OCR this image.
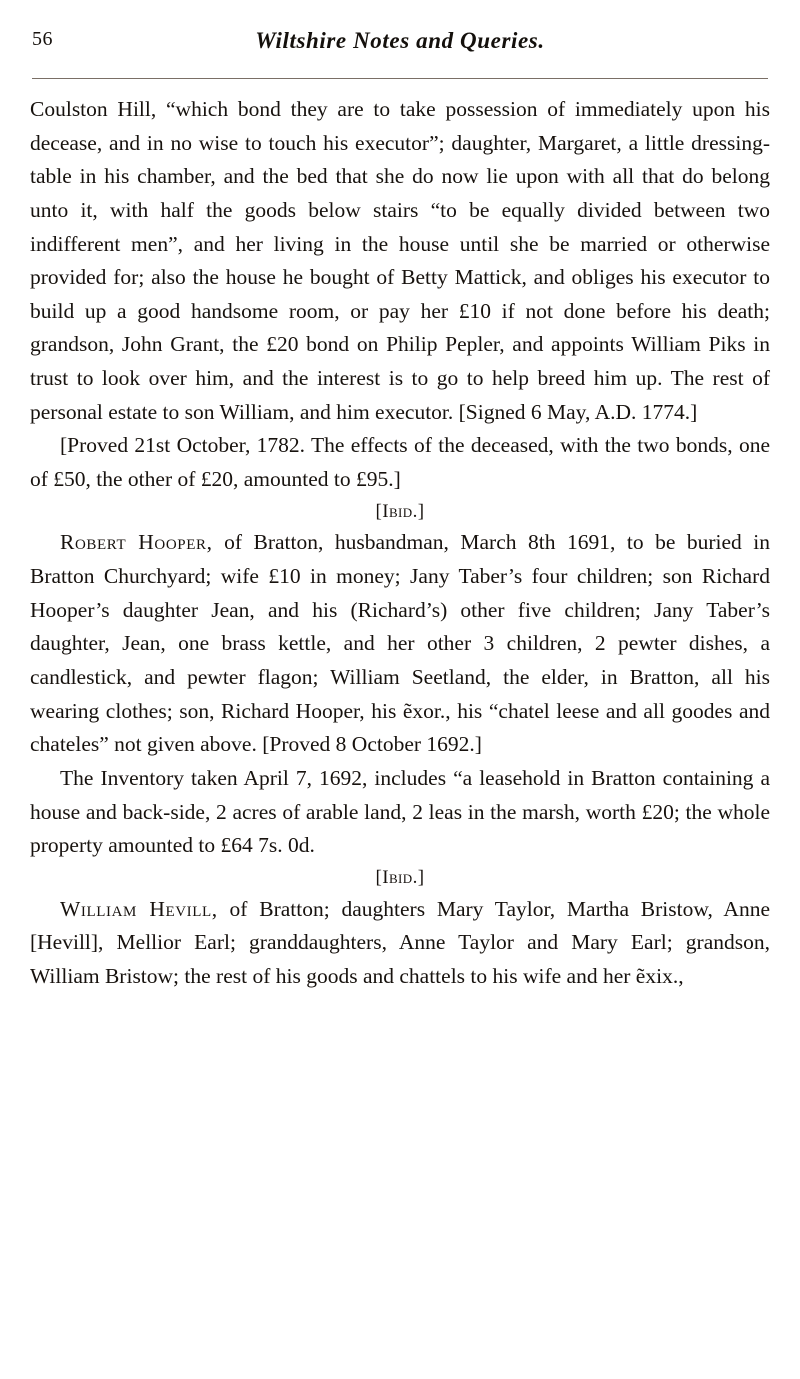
56	Wiltshire Notes and Queries.

Coulston Hill, “which bond they are to take possession of immediately upon his decease, and in no wise to touch his executor”; daughter, Margaret, a little dressing-table in his chamber, and the bed that she do now lie upon with all that do belong unto it, with half the goods below stairs “to be equally divided between two indifferent men”, and her living in the house until she be married or otherwise provided for; also the house he bought of Betty Mattick, and obliges his executor to build up a good handsome room, or pay her £10 if not done before his death; grandson, John Grant, the £20 bond on Philip Pepler, and appoints William Piks in trust to look over him, and the interest is to go to help breed him up. The rest of personal estate to son William, and him executor. [Signed 6 May, A.D. 1774.]

[Proved 21st October, 1782. The effects of the deceased, with the two bonds, one of £50, the other of £20, amounted to £95.]

[Ibid.]

Robert Hooper, of Bratton, husbandman, March 8th 1691, to be buried in Bratton Churchyard; wife £10 in money; Jany Taber’s four children; son Richard Hooper’s daughter Jean, and his (Richard’s) other five children; Jany Taber’s daughter, Jean, one brass kettle, and her other 3 children, 2 pewter dishes, a candlestick, and pewter flagon; William Seetland, the elder, in Bratton, all his wearing clothes; son, Richard Hooper, his ẽxor., his “chatel leese and all goodes and chateles” not given above. [Proved 8 October 1692.]

The Inventory taken April 7, 1692, includes “a leasehold in Bratton containing a house and back-side, 2 acres of arable land, 2 leas in the marsh, worth £20; the whole property amounted to £64 7s. 0d.

[Ibid.]

William Hevill, of Bratton; daughters Mary Taylor, Martha Bristow, Anne [Hevill], Mellior Earl; granddaughters, Anne Taylor and Mary Earl; grandson, William Bristow; the rest of his goods and chattels to his wife and her ẽxix.,
